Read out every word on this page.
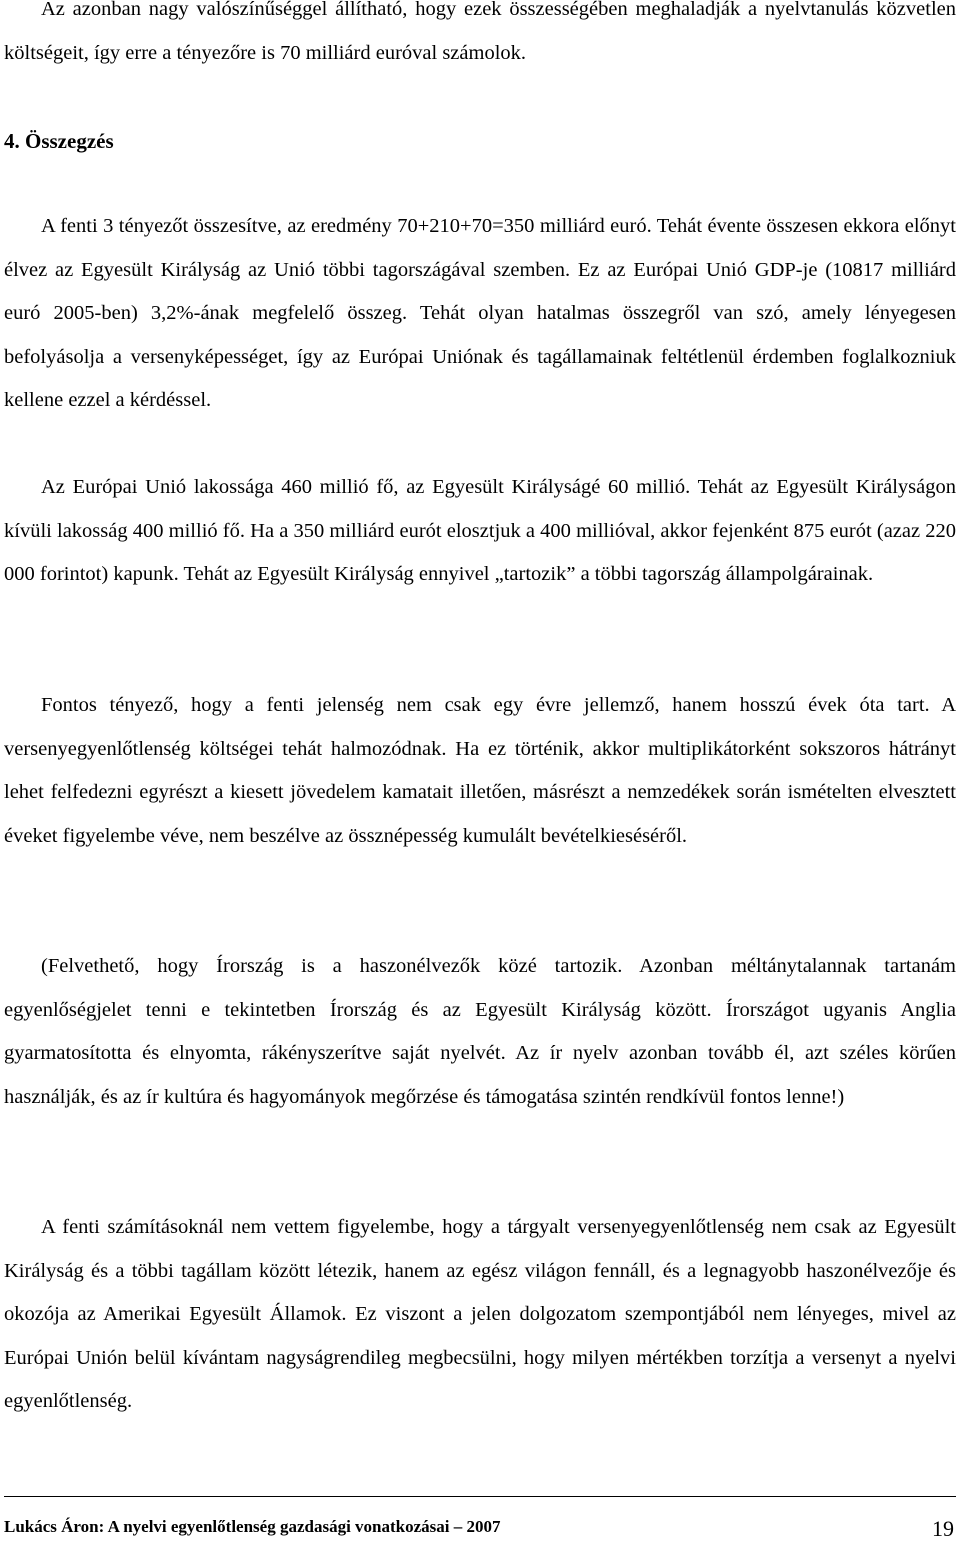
Az azonban nagy valószínűséggel állítható, hogy ezek összességében meghaladják a nyelvtanulás közvetlen költségeit, így erre a tényezőre is 70 milliárd euróval számolok.

4. Összegzés

A fenti 3 tényezőt összesítve, az eredmény 70+210+70=350 milliárd euró. Tehát évente összesen ekkora előnyt élvez az Egyesült Királyság az Unió többi tagországával szemben. Ez az Európai Unió GDP-je (10817 milliárd euró 2005-ben) 3,2%-ának megfelelő összeg. Tehát olyan hatalmas összegről van szó, amely lényegesen befolyásolja a versenyképességet, így az Európai Uniónak és tagállamainak feltétlenül érdemben foglalkozniuk kellene ezzel a kérdéssel.

Az Európai Unió lakossága 460 millió fő, az Egyesült Királyságé 60 millió. Tehát az Egyesült Királyságon kívüli lakosság 400 millió fő. Ha a 350 milliárd eurót elosztjuk a 400 millióval, akkor fejenként 875 eurót (azaz 220 000 forintot) kapunk. Tehát az Egyesült Királyság ennyivel „tartozik” a többi tagország állampolgárainak.

Fontos tényező, hogy a fenti jelenség nem csak egy évre jellemző, hanem hosszú évek óta tart. A versenyegyenlőtlenség költségei tehát halmozódnak. Ha ez történik, akkor multiplikátorként sokszoros hátrányt lehet felfedezni egyrészt a kiesett jövedelem kamatait illetően, másrészt a nemzedékek során ismételten elvesztett éveket figyelembe véve, nem beszélve az össznépesség kumulált bevételkieséséről.

(Felvethető, hogy Írország is a haszonélvezők közé tartozik. Azonban méltánytalannak tartanám egyenlőségjelet tenni e tekintetben Írország és az Egyesült Királyság között. Írországot ugyanis Anglia gyarmatosította és elnyomta, rákényszerítve saját nyelvét. Az ír nyelv azonban tovább él, azt széles körűen használják, és az ír kultúra és hagyományok megőrzése és támogatása szintén rendkívül fontos lenne!)

A fenti számításoknál nem vettem figyelembe, hogy a tárgyalt versenyegyenlőtlenség nem csak az Egyesült Királyság és a többi tagállam között létezik, hanem az egész világon fennáll, és a legnagyobb haszonélvezője és okozója az Amerikai Egyesült Államok. Ez viszont a jelen dolgozatom szempontjából nem lényeges, mivel az Európai Unión belül kívántam nagyságrendileg megbecsülni, hogy milyen mértékben torzítja a versenyt a nyelvi egyenlőtlenség.

Lukács Áron: A nyelvi egyenlőtlenség gazdasági vonatkozásai – 2007	19
